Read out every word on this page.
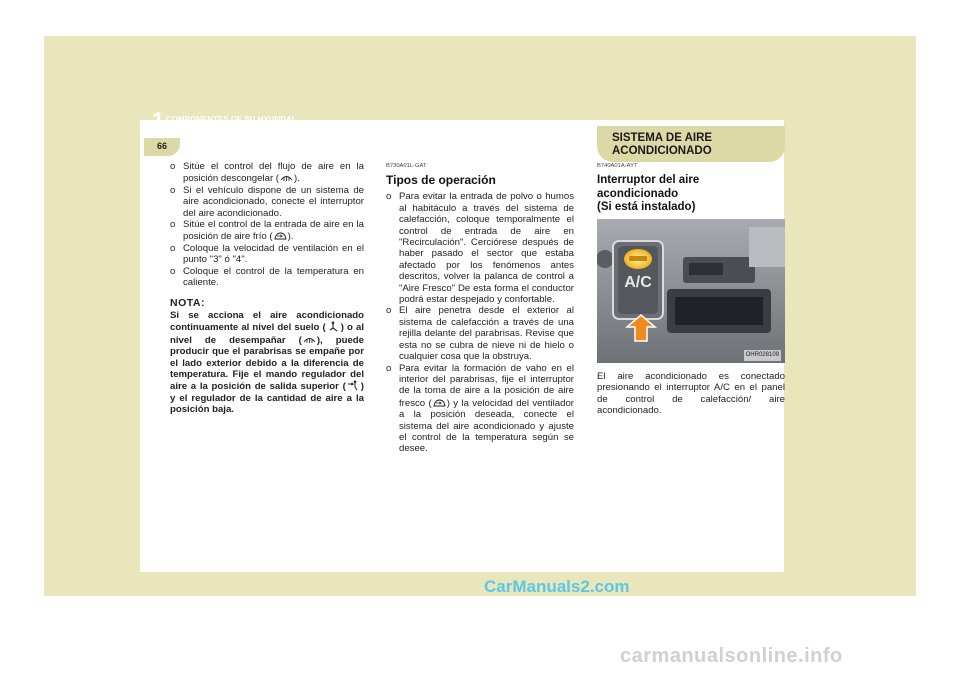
1 COMPONENTES DE SU HYUNDAI
66
SISTEMA DE AIRE
ACONDICIONADO
o Sitúe el control del flujo de aire en la posición descongelar ( ).
o Si el vehículo dispone de un sistema de aire acondicionado, conecte el interruptor del aire acondicionado.
o Sitúe el control de la entrada de aire en la posición de aire frío ( ).
o Coloque la velocidad de ventilación en el punto "3" ó "4".
o Coloque el control de la temperatura en caliente.
NOTA:
Si se acciona el aire acondicionado continuamente al nivel del suelo ( ) o al nivel de desempañar ( ), puede producir que el parabrisas se empañe por el lado exterior debido a la diferencia de temperatura. Fije el mando regulador del aire a la posición de salida superior ( ) y el regulador de la cantidad de aire a la posición baja.
B730A01L-GAT
Tipos de operación
o Para evitar la entrada de polvo o humos al habitáculo a través del sistema de calefacción, coloque temporalmente el control de entrada de aire en "Recirculación". Cerciórese después de haber pasado el sector que estaba afectado por los fenómenos antes descritos, volver la palanca de control a "Aire Fresco" De esta forma el conductor podrá estar despejado y confortable.
o El aire penetra desde el exterior al sistema de calefacción a través de una rejilla delante del parabrisas. Revise que esta no se cubra de nieve ni de hielo o cualquier cosa que la obstruya.
o Para evitar la formación de vaho en el interior del parabrisas, fije el interruptor de la toma de aire a la posición de aire fresco ( ) y la velocidad del ventilador a la posición deseada, conecte el sistema del aire acondicionado y ajuste el control de la temperatura según se desee.
B740A01A-AYT
Interruptor del aire
acondicionado
(Si está instalado)
A/C
OHR028109
El aire acondicionado es conectado presionando el interruptor A/C en el panel de control de calefacción/ aire acondicionado.
CarManuals2.com
carmanualsonline.info
